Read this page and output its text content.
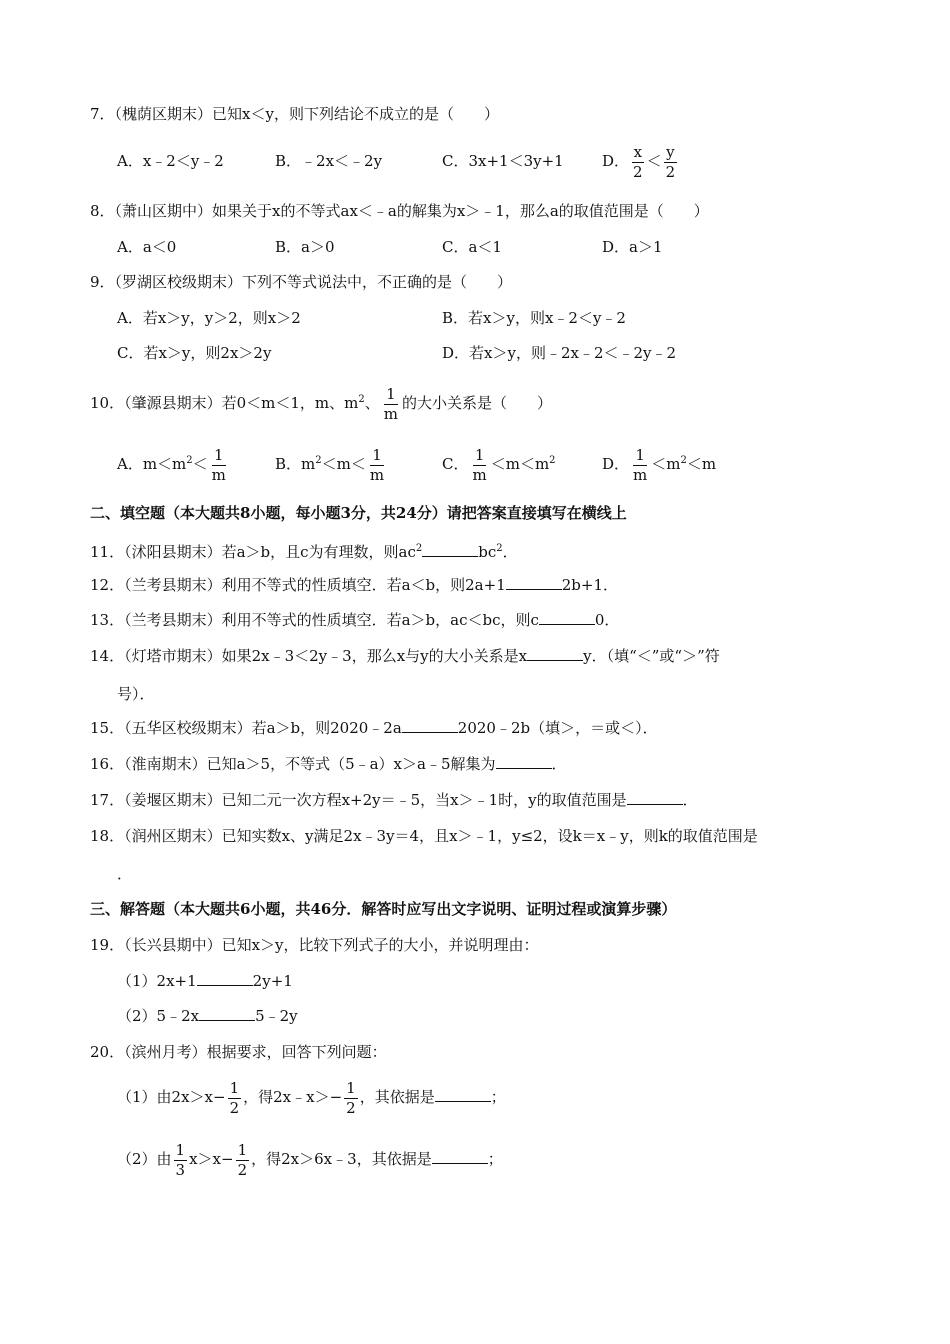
7．（槐荫区期末）已知x＜y，则下列结论不成立的是（　　）
A．x﹣2＜y﹣2	B．﹣2x＜﹣2y	C．3x+1＜3y+1	D． $\frac{x}{2} < \frac{y}{2}$
8．（萧山区期中）如果关于x的不等式ax＜﹣a的解集为x＞﹣1，那么a的取值范围是（　　）
A．a＜0	B．a＞0	C．a＜1	D．a＞1
9．（罗湖区校级期末）下列不等式说法中，不正确的是（　　）
A．若x＞y，y＞2，则x＞2	B．若x＞y，则x﹣2＜y﹣2
C．若x＞y，则2x＞2y	D．若x＞y，则﹣2x﹣2＜﹣2y﹣2
10．（肇源县期末）若0＜m＜1，m、$m^2$、 $\frac{1}{m}$ 的大小关系是（　　）
A．$m<m^2< \frac{1}{m}$	B．$m^2<m< \frac{1}{m}$	C． $\frac{1}{m} <m<m^2$	D． $\frac{1}{m} <m^2<m$
二、填空题（本大题共8小题，每小题3分，共24分）请把答案直接填写在横线上
11．（沭阳县期末）若a＞b，且c为有理数，则$ac^2$	$bc^2$．
12．（兰考县期末）利用不等式的性质填空．若a＜b，则2a+1	2b+1．
13．（兰考县期末）利用不等式的性质填空．若a＞b，ac＜bc，则c	0．
14．（灯塔市期末）如果2x﹣3＜2y﹣3，那么x与y的大小关系是x	y．（填“＜”或“＞”符
号）．
15．（五华区校级期末）若a＞b，则2020﹣2a	2020﹣2b（填＞，＝或＜）．
16．（淮南期末）已知a＞5，不等式（5﹣a）x＞a﹣5解集为	．
17．（姜堰区期末）已知二元一次方程x+2y＝﹣5，当x＞﹣1时，y的取值范围是	．
18．（润州区期末）已知实数x、y满足2x﹣3y＝4，且x＞﹣1，y≤2，设k＝x﹣y，则k的取值范围是
．
三、解答题（本大题共6小题，共46分．解答时应写出文字说明、证明过程或演算步骤）
19．（长兴县期中）已知x＞y，比较下列式子的大小，并说明理由：
（1）2x+1	2y+1
（2）5﹣2x	5﹣2y
20．（滨州月考）根据要求，回答下列问题：
（1）由$2x>x- \frac{1}{2}$ ，得2x﹣x＞− $\frac{1}{2}$ ，其依据是	；
（2）由 $\frac{1}{3} x>x- \frac{1}{2}$ ，得2x＞6x﹣3，其依据是	；
